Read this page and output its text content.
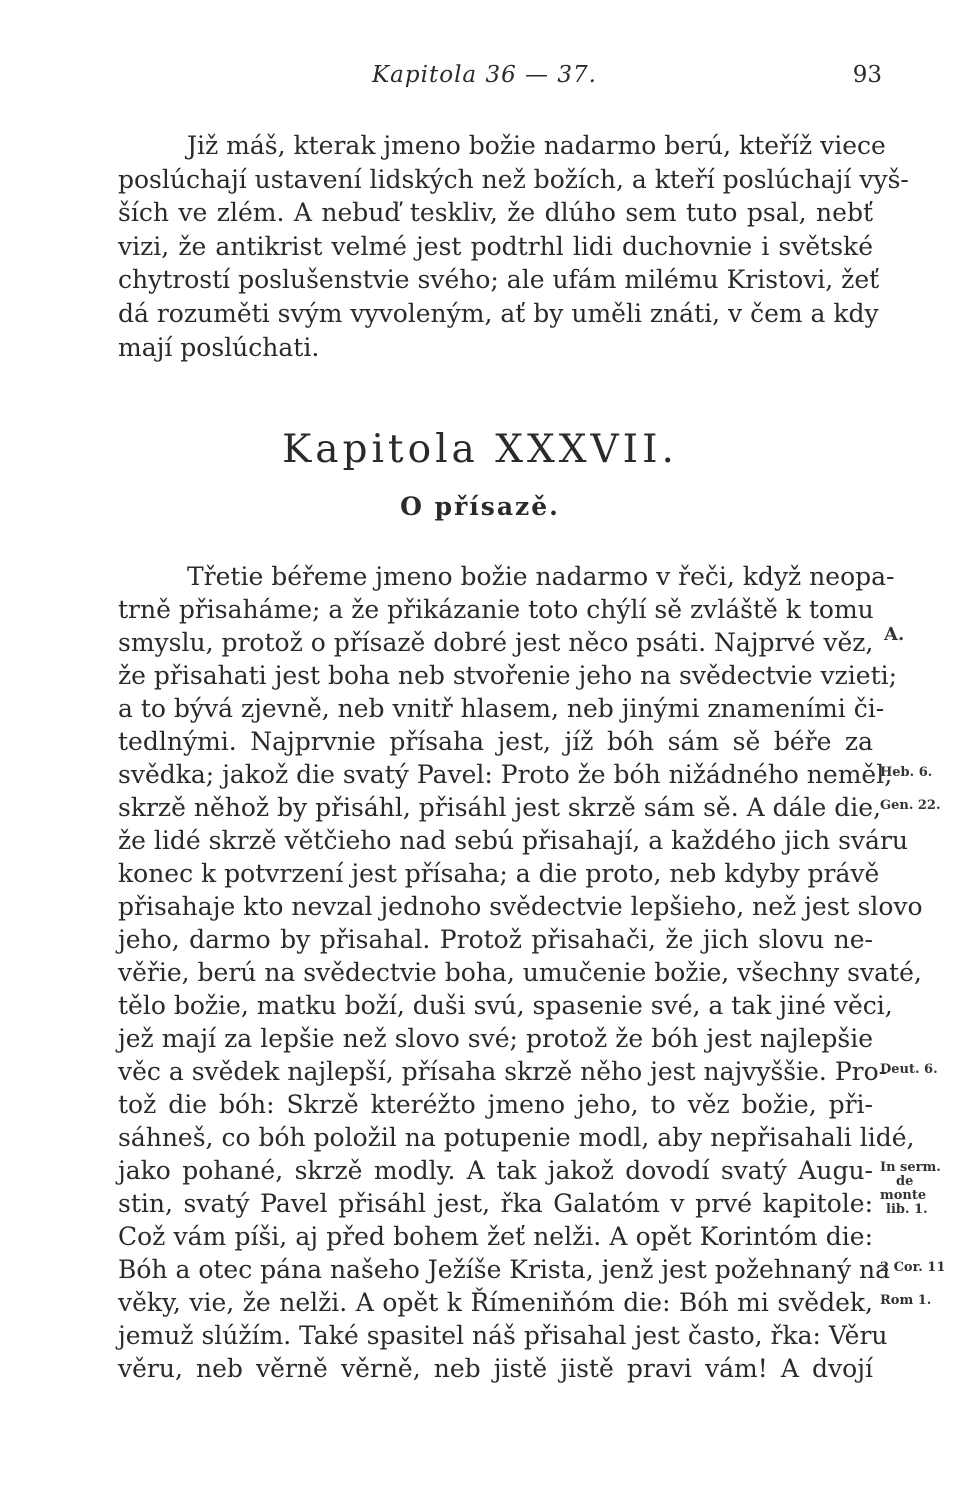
Kapitola 36 — 37.	93
Již máš, kterak jmeno božie nadarmo berú, kteříž viece
poslúchají ustavení lidských než božích, a kteří poslúchají vyš-
ších ve zlém. A nebuď teskliv, že dlúho sem tuto psal, nebť
vizi, že antikrist velmé jest podtrhl lidi duchovnie i světské
chytrostí poslušenstvie svého; ale ufám milému Kristovi, žeť
dá rozuměti svým vyvoleným, ať by uměli znáti, v čem a kdy
mají poslúchati.
Kapitola XXXVII.
O přísazě.
Třetie béřeme jmeno božie nadarmo v řeči, když neopa-
trně přisaháme; a že přikázanie toto chýlí sě zvláště k tomu
smyslu, protož o přísazě dobré jest něco psáti. Najprvé věz,
že přisahati jest boha neb stvořenie jeho na svědectvie vzieti;
a to bývá zjevně, neb vnitř hlasem, neb jinými znameními či-
tedlnými. Najprvnie přísaha jest, jíž bóh sám sě béře za
svědka; jakož die svatý Pavel: Proto že bóh nižádného neměl,
skrzě něhož by přisáhl, přisáhl jest skrzě sám sě. A dále die,
že lidé skrzě větčieho nad sebú přisahají, a každého jich sváru
konec k potvrzení jest přísaha; a die proto, neb kdyby právě
přisahaje kto nevzal jednoho svědectvie lepšieho, než jest slovo
jeho, darmo by přisahal. Protož přisahači, že jich slovu ne-
věřie, berú na svědectvie boha, umučenie božie, všechny svaté,
tělo božie, matku boží, duši svú, spasenie své, a tak jiné věci,
jež mají za lepšie než slovo své; protož že bóh jest najlepšie
věc a svědek najlepší, přísaha skrzě něho jest najvyššie. Pro-
tož die bóh: Skrzě kteréžto jmeno jeho, to věz božie, při-
sáhneš, co bóh položil na potupenie modl, aby nepřisahali lidé,
jako pohané, skrzě modly. A tak jakož dovodí svatý Augu-
stin, svatý Pavel přisáhl jest, řka Galatóm v prvé kapitole:
Což vám píši, aj před bohem žeť nelži. A opět Korintóm die:
Bóh a otec pána našeho Ježíše Krista, jenž jest požehnaný na
věky, vie, že nelži. A opět k Římeniňóm die: Bóh mi svědek,
jemuž slúžím. Také spasitel náš přisahal jest často, řka: Věru
věru, neb věrně věrně, neb jistě jistě pravi vám! A dvojí
A.
Heb. 6.
Gen. 22.
Deut. 6.
In serm.
de
monte
lib. 1.
2 Cor. 11
Rom 1.
